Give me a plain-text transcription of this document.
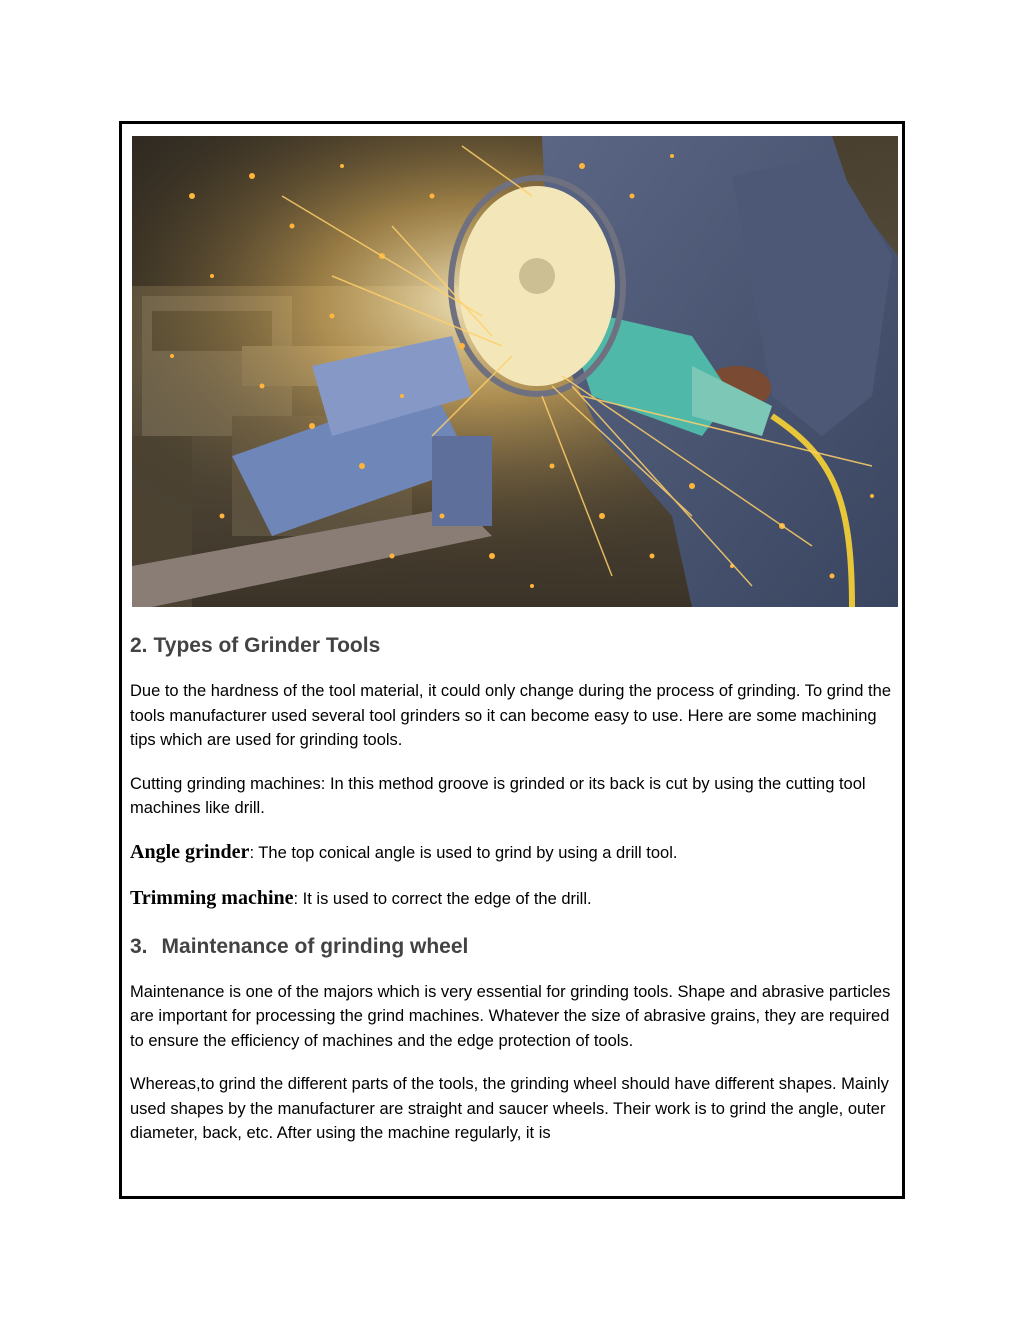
2. Types of Grinder Tools

Due to the hardness of the tool material, it could only change during the process of grinding. To grind the tools manufacturer used several tool grinders so it can become easy to use. Here are some machining tips which are used for grinding tools.

Cutting grinding machines: In this method groove is grinded or its back is cut by using the cutting tool machines like drill.

Angle grinder: The top conical angle is used to grind by using a drill tool.

Trimming machine: It is used to correct the edge of the drill.

3. Maintenance of grinding wheel

Maintenance is one of the majors which is very essential for grinding tools. Shape and abrasive particles are important for processing the grind machines. Whatever the size of abrasive grains, they are required to ensure the efficiency of machines and the edge protection of tools.

Whereas,to grind the different parts of the tools, the grinding wheel should have different shapes. Mainly used shapes by the manufacturer are straight and saucer wheels. Their work is to grind the angle, outer diameter, back, etc. After using the machine regularly, it is
